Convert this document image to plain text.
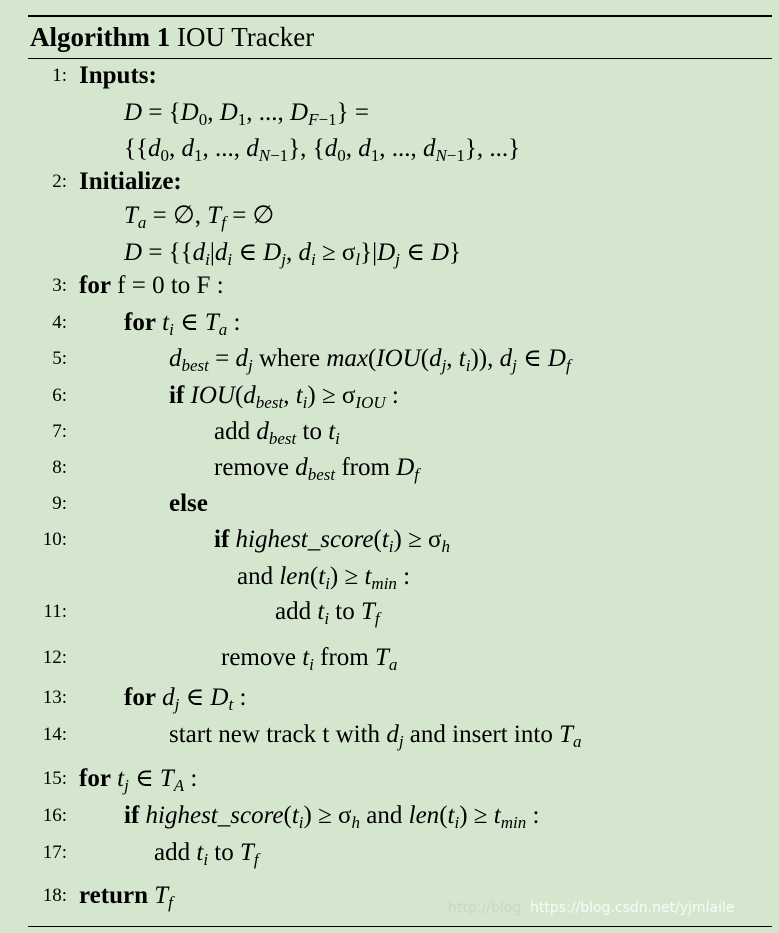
Algorithm 1 IOU Tracker
1: Inputs:
$D = \{D_0$, $D_1$, ..., $D_{F-1}$} =
{{$d_0$, $d_1$, ..., $d_{N-1}$}, {$d_0$, $d_1$, ..., $d_{N-1}$}, ...}
2: Initialize:
$T_a$ = ∅, $T_f$ = ∅
$D = \{\{d_i|d_i$ ∈ $D_j$, $d_i \ge \sigma_l\}|D_j$ ∈ D}
3: for f = 0 to F :
4: for $t_i$ ∈ $T_a$ :
5:	$d_{best} = d_j$ where $\max(IOU(d_j$, $t_i$)), $d_j$ ∈ $D_f$
6:	if $IOU(d_{best}$, $t_i) \ge \sigma_{IOU}$ :
7:	add $d_{best}$ to $t_i$
8:	remove $d_{best}$ from $D_f$
9:	else
10:	if $highest\_score(t_i) \ge \sigma_h$
and $len(t_i) \ge t_{min}$ :
11:	add $t_i$ to $T_f$
12:	remove $t_i$ from $T_a$
13: for $d_j$ ∈ $D_t$ :
14:	start new track t with $d_j$ and insert into $T_a$
15: for $t_j$ ∈ $T_A$ :
16: if $highest\_score(t_i) \ge \sigma_h$ and $len(t_i) \ge t_{min}$ :
17:	add $t_i$ to $T_f$
18: return $T_f$	http://blog. https://blog.csdn.net/yjmlaile
